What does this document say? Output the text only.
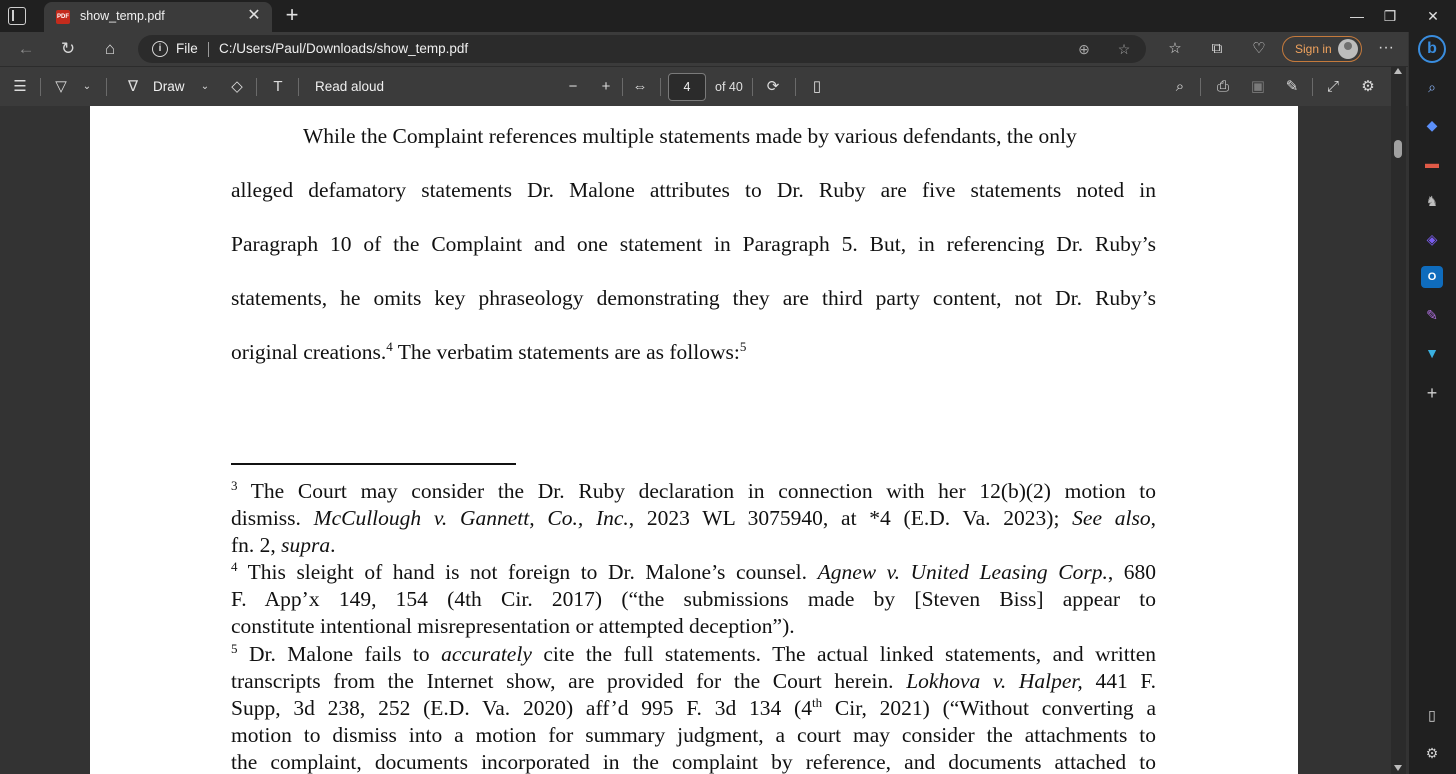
PDF show_temp.pdf	✕ +	—	❐	✕
←	↻	⌂	i	File C:/Users/Paul/Downloads/show_temp.pdf	⊕ ☆	☆	⧉	♡	Sign in	···
☰	▽	⌄	∇	Draw	⌄	◇	T	Read aloud	−	+	⇔	4	of 40	⟳	▯	⌕	⎙	▣	✎	⤢	⚙
While the Complaint references multiple statements made by various defendants, the only
alleged defamatory statements Dr. Malone attributes to Dr. Ruby are five statements noted in
Paragraph 10 of the Complaint and one statement in Paragraph 5. But, in referencing Dr. Ruby’s
statements, he omits key phraseology demonstrating they are third party content, not Dr. Ruby’s
original creations.$^4$ The verbatim statements are as follows:$^5$
$^3$ The Court may consider the Dr. Ruby declaration in connection with her 12(b)(2) motion to
dismiss. McCullough v. Gannett, Co., Inc., 2023 WL 3075940, at *4 (E.D. Va. 2023); See also,
fn. 2, supra.
$^4$ This sleight of hand is not foreign to Dr. Malone’s counsel. Agnew v. United Leasing Corp., 680
F. App’x 149, 154 (4th Cir. 2017) (“the submissions made by [Steven Biss] appear to
constitute intentional misrepresentation or attempted deception”).
$^5$ Dr. Malone fails to accurately cite the full statements. The actual linked statements, and written
transcripts from the Internet show, are provided for the Court herein. Lokhova v. Halper, 441 F.
Supp, 3d 238, 252 (E.D. Va. 2020) aff’d 995 F. 3d 134 (4th Cir, 2021) (“Without converting a
motion to dismiss into a motion for summary judgment, a court may consider the attachments to
the complaint, documents incorporated in the complaint by reference, and documents attached to
⌕
◆
▬
♞
◈
O
✎
▼
+
▯
⚙
b
